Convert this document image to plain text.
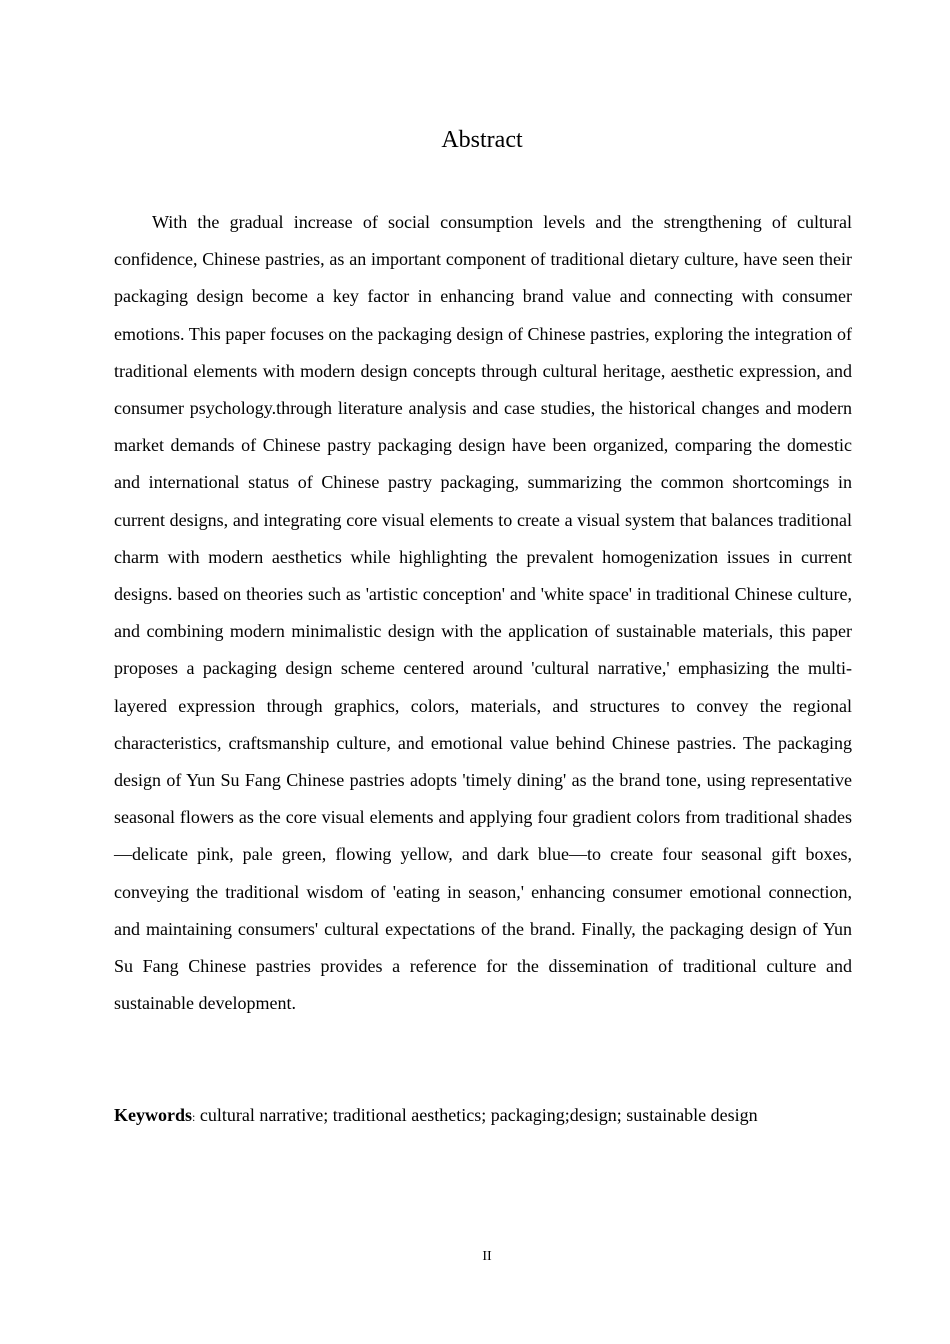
Abstract

With the gradual increase of social consumption levels and the strengthening of cultural confidence, Chinese pastries, as an important component of traditional dietary culture, have seen their packaging design become a key factor in enhancing brand value and connecting with consumer emotions. This paper focuses on the packaging design of Chinese pastries, exploring the integration of traditional elements with modern design concepts through cultural heritage, aesthetic expression, and consumer psychology.through literature analysis and case studies, the historical changes and modern market demands of Chinese pastry packaging design have been organized, comparing the domestic and international status of Chinese pastry packaging, summarizing the common shortcomings in current designs, and integrating core visual elements to create a visual system that balances traditional charm with modern aesthetics while highlighting the prevalent homogenization issues in current designs. based on theories such as 'artistic conception' and 'white space' in traditional Chinese culture, and combining modern minimalistic design with the application of sustainable materials, this paper proposes a packaging design scheme centered around 'cultural narrative,' emphasizing the multi-layered expression through graphics, colors, materials, and structures to convey the regional characteristics, craftsmanship culture, and emotional value behind Chinese pastries. The packaging design of Yun Su Fang Chinese pastries adopts 'timely dining' as the brand tone, using representative seasonal flowers as the core visual elements and applying four gradient colors from traditional shades—delicate pink, pale green, flowing yellow, and dark blue—to create four seasonal gift boxes, conveying the traditional wisdom of 'eating in season,' enhancing consumer emotional connection, and maintaining consumers' cultural expectations of the brand. Finally, the packaging design of Yun Su Fang Chinese pastries provides a reference for the dissemination of traditional culture and sustainable development.

Keywords: cultural narrative; traditional aesthetics; packaging;design; sustainable design

II
